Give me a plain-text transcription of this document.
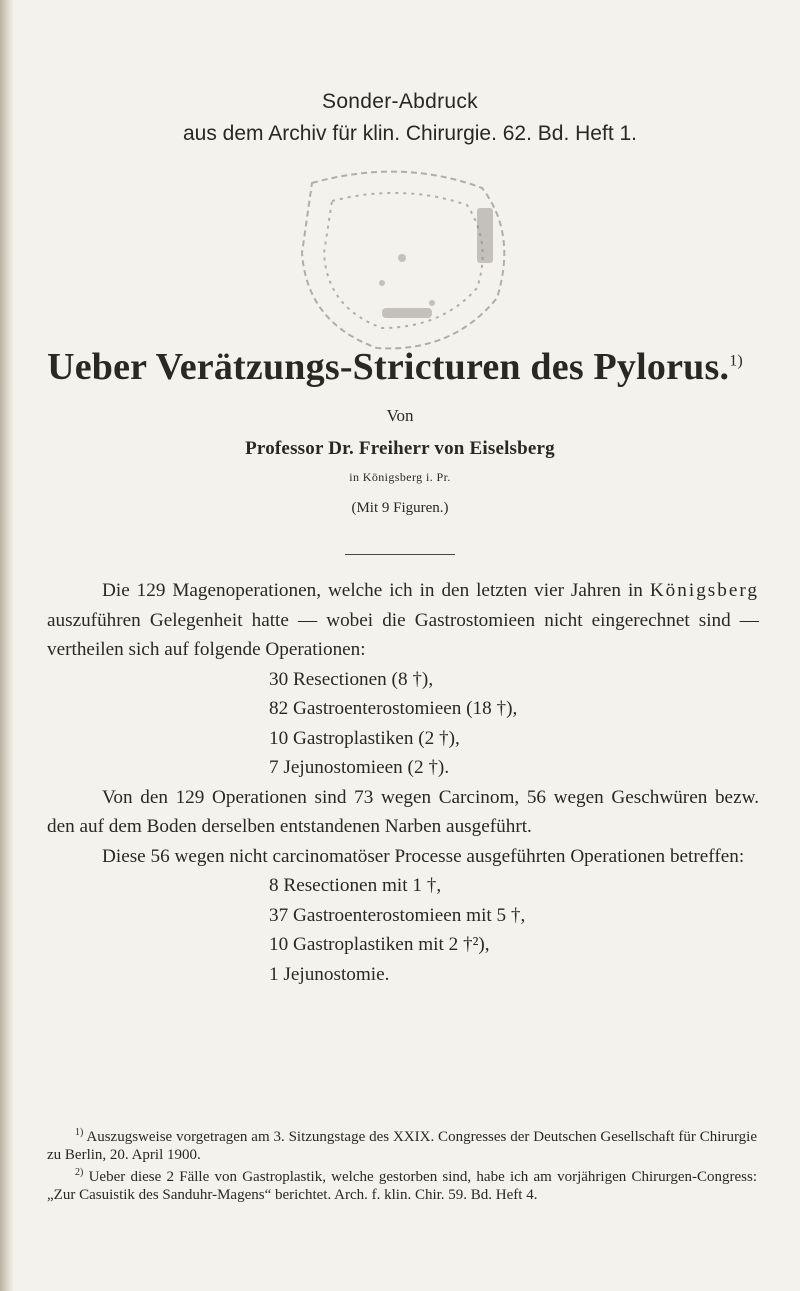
Sonder-Abdruck
aus dem Archiv für klin. Chirurgie. 62. Bd. Heft 1.
Ueber Verätzungs-Stricturen des Pylorus.$^{1)}$
Von
Professor Dr. Freiherr von Eiselsberg
in Königsberg i. Pr.
(Mit 9 Figuren.)

Die 129 Magenoperationen, welche ich in den letzten vier Jahren in Königsberg auszuführen Gelegenheit hatte — wobei die Gastrostomieen nicht eingerechnet sind — vertheilen sich auf folgende Operationen:

30 Resectionen (8 †),
82 Gastroenterostomieen (18 †),
10 Gastroplastiken (2 †),
7 Jejunostomieen (2 †).

Von den 129 Operationen sind 73 wegen Carcinom, 56 wegen Geschwüren bezw. den auf dem Boden derselben entstandenen Narben ausgeführt.

Diese 56 wegen nicht carcinomatöser Processe ausgeführten Operationen betreffen:

8 Resectionen mit 1 †,
37 Gastroenterostomieen mit 5 †,
10 Gastroplastiken mit 2 †²),
1 Jejunostomie.

$^{1)}$ Auszugsweise vorgetragen am 3. Sitzungstage des XXIX. Congresses der Deutschen Gesellschaft für Chirurgie zu Berlin, 20. April 1900.

$^{2)}$ Ueber diese 2 Fälle von Gastroplastik, welche gestorben sind, habe ich am vorjährigen Chirurgen-Congress: „Zur Casuistik des Sanduhr-Magens“ berichtet. Arch. f. klin. Chir. 59. Bd. Heft 4.
